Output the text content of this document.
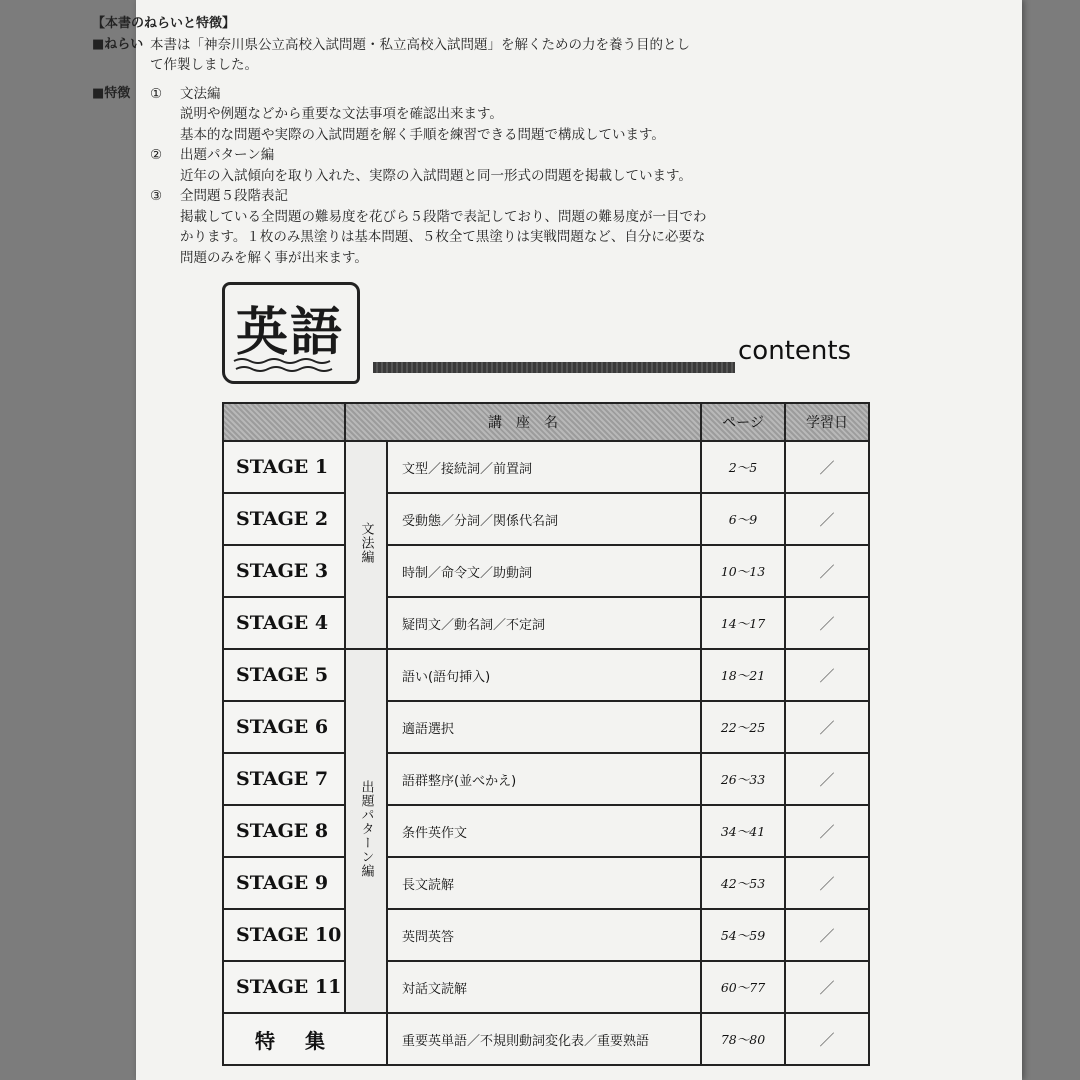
【本書のねらいと特徴】
■ねらい 本書は「神奈川県公立高校入試問題・私立高校入試問題」を解くための力を養う目的とし
て作製しました。
■特徴	①	文法編
説明や例題などから重要な文法事項を確認出来ます。
基本的な問題や実際の入試問題を解く手順を練習できる問題で構成しています。
②	出題パターン編
近年の入試傾向を取り入れた、実際の入試問題と同一形式の問題を掲載しています。
③	全問題５段階表記
掲載している全問題の難易度を花びら５段階で表記しており、問題の難易度が一目でわ
かります。１枚のみ黒塗りは基本問題、５枚全て黒塗りは実戦問題など、自分に必要な
問題のみを解く事が出来ます。
英語	contents
	講　座　名		ページ	学習日
STAGE 1	文法編	文型／接続詞／前置詞	2～5	／
STAGE 2		受動態／分詞／関係代名詞	6～9	／
STAGE 3		時制／命令文／助動詞	10～13	／
STAGE 4		疑問文／動名詞／不定詞	14～17	／
STAGE 5	出題パターン編	語い(語句挿入)	18～21	／
STAGE 6		適語選択	22～25	／
STAGE 7		語群整序(並べかえ)	26～33	／
STAGE 8		条件英作文	34～41	／
STAGE 9		長文読解	42～53	／
STAGE 10		英問英答	54～59	／
STAGE 11		対話文読解	60～77	／
特集		重要英単語／不規則動詞変化表／重要熟語	78～80	／
